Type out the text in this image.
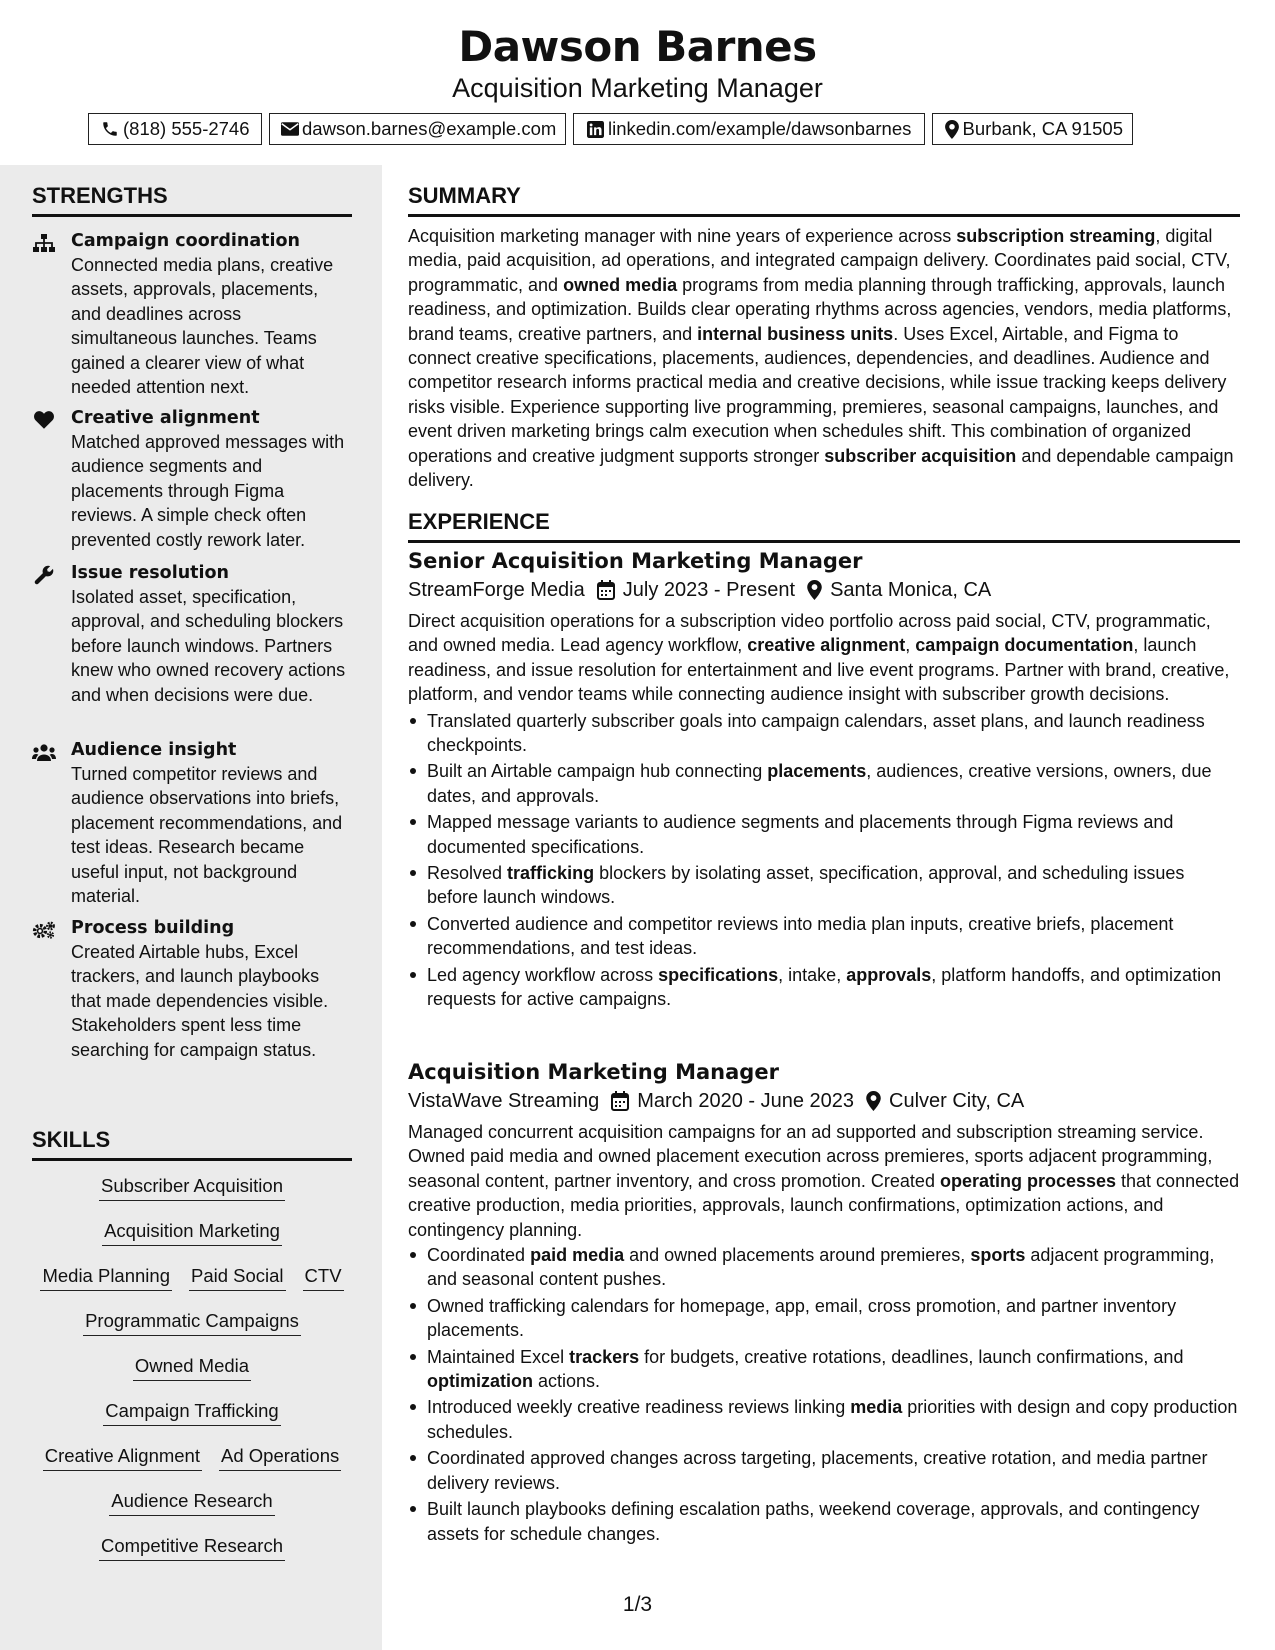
Dawson Barnes
Acquisition Marketing Manager
(818) 555-2746	dawson.barnes@example.com	linkedin.com/example/dawsonbarnes	Burbank, CA 91505
STRENGTHS
Campaign coordination
Connected media plans, creative assets, approvals, placements, and deadlines across simultaneous launches. Teams gained a clearer view of what needed attention next.
Creative alignment
Matched approved messages with audience segments and placements through Figma reviews. A simple check often prevented costly rework later.
Issue resolution
Isolated asset, specification, approval, and scheduling blockers before launch windows. Partners knew who owned recovery actions and when decisions were due.
Audience insight
Turned competitor reviews and audience observations into briefs, placement recommendations, and test ideas. Research became useful input, not background material.
Process building
Created Airtable hubs, Excel trackers, and launch playbooks that made dependencies visible. Stakeholders spent less time searching for campaign status.
SKILLS
Subscriber Acquisition
Acquisition Marketing
Media Planning Paid Social CTV
Programmatic Campaigns
Owned Media
Campaign Trafficking
Creative Alignment Ad Operations
Audience Research
Competitive Research
SUMMARY
Acquisition marketing manager with nine years of experience across subscription streaming, digital media, paid acquisition, ad operations, and integrated campaign delivery. Coordinates paid social, CTV, programmatic, and owned media programs from media planning through trafficking, approvals, launch readiness, and optimization. Builds clear operating rhythms across agencies, vendors, media platforms, brand teams, creative partners, and internal business units. Uses Excel, Airtable, and Figma to connect creative specifications, placements, audiences, dependencies, and deadlines. Audience and competitor research informs practical media and creative decisions, while issue tracking keeps delivery risks visible. Experience supporting live programming, premieres, seasonal campaigns, launches, and event driven marketing brings calm execution when schedules shift. This combination of organized operations and creative judgment supports stronger subscriber acquisition and dependable campaign delivery.
EXPERIENCE
Senior Acquisition Marketing Manager
StreamForge Media July 2023 - Present Santa Monica, CA
Direct acquisition operations for a subscription video portfolio across paid social, CTV, programmatic, and owned media. Lead agency workflow, creative alignment, campaign documentation, launch readiness, and issue resolution for entertainment and live event programs. Partner with brand, creative, platform, and vendor teams while connecting audience insight with subscriber growth decisions.
Translated quarterly subscriber goals into campaign calendars, asset plans, and launch readiness checkpoints.
Built an Airtable campaign hub connecting placements, audiences, creative versions, owners, due dates, and approvals.
Mapped message variants to audience segments and placements through Figma reviews and documented specifications.
Resolved trafficking blockers by isolating asset, specification, approval, and scheduling issues before launch windows.
Converted audience and competitor reviews into media plan inputs, creative briefs, placement recommendations, and test ideas.
Led agency workflow across specifications, intake, approvals, platform handoffs, and optimization requests for active campaigns.
Acquisition Marketing Manager
VistaWave Streaming March 2020 - June 2023 Culver City, CA
Managed concurrent acquisition campaigns for an ad supported and subscription streaming service. Owned paid media and owned placement execution across premieres, sports adjacent programming, seasonal content, partner inventory, and cross promotion. Created operating processes that connected creative production, media priorities, approvals, launch confirmations, optimization actions, and contingency planning.
Coordinated paid media and owned placements around premieres, sports adjacent programming, and seasonal content pushes.
Owned trafficking calendars for homepage, app, email, cross promotion, and partner inventory placements.
Maintained Excel trackers for budgets, creative rotations, deadlines, launch confirmations, and optimization actions.
Introduced weekly creative readiness reviews linking media priorities with design and copy production schedules.
Coordinated approved changes across targeting, placements, creative rotation, and media partner delivery reviews.
Built launch playbooks defining escalation paths, weekend coverage, approvals, and contingency assets for schedule changes.
1/3
